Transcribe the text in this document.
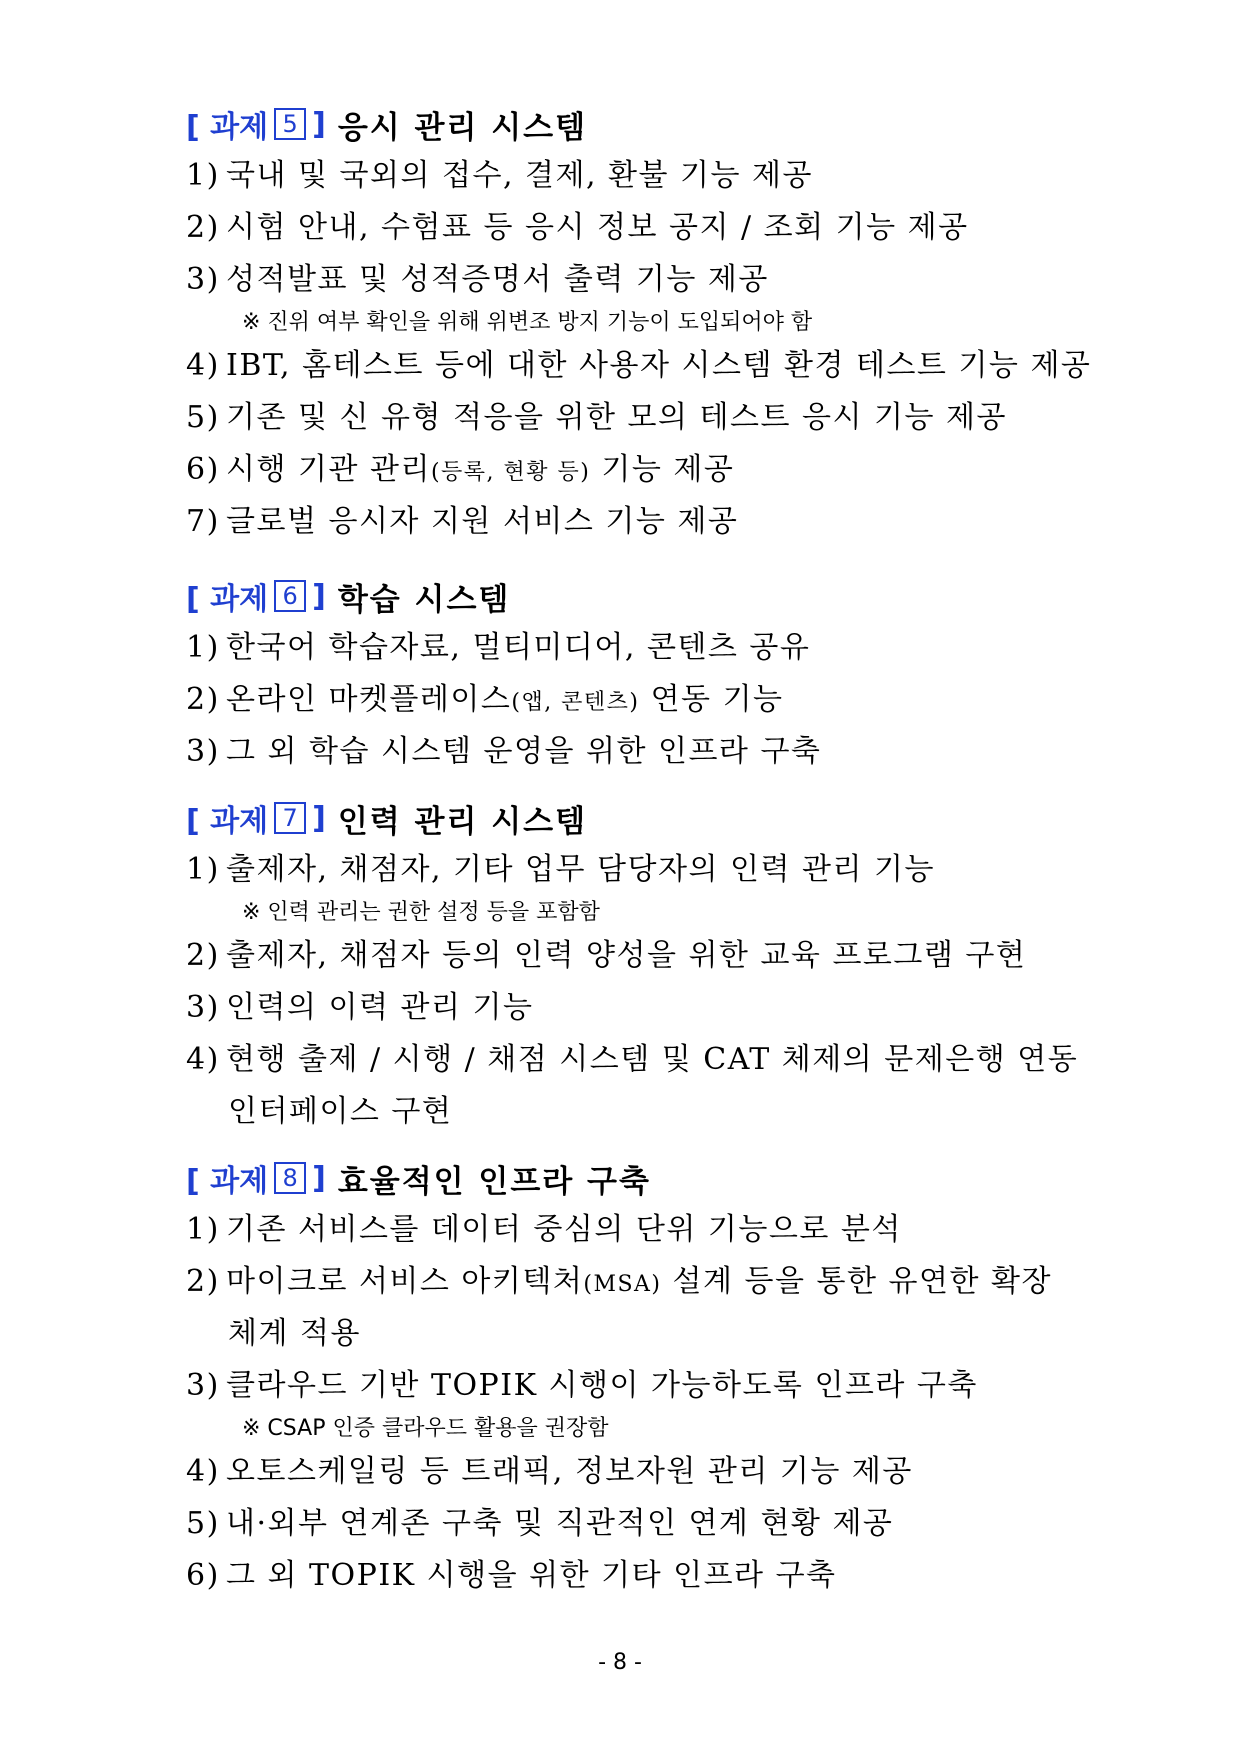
[ 과제 5 ] 응시 관리 시스템
1) 국내 및 국외의 접수, 결제, 환불 기능 제공
2) 시험 안내, 수험표 등 응시 정보 공지 / 조회 기능 제공
3) 성적발표 및 성적증명서 출력 기능 제공
※ 진위 여부 확인을 위해 위변조 방지 기능이 도입되어야 함
4) IBT, 홈테스트 등에 대한 사용자 시스템 환경 테스트 기능 제공
5) 기존 및 신 유형 적응을 위한 모의 테스트 응시 기능 제공
6) 시행 기관 관리(등록, 현황 등) 기능 제공
7) 글로벌 응시자 지원 서비스 기능 제공
[ 과제 6 ] 학습 시스템
1) 한국어 학습자료, 멀티미디어, 콘텐츠 공유
2) 온라인 마켓플레이스(앱, 콘텐츠) 연동 기능
3) 그 외 학습 시스템 운영을 위한 인프라 구축
[ 과제 7 ] 인력 관리 시스템
1) 출제자, 채점자, 기타 업무 담당자의 인력 관리 기능
※ 인력 관리는 권한 설정 등을 포함함
2) 출제자, 채점자 등의 인력 양성을 위한 교육 프로그램 구현
3) 인력의 이력 관리 기능
4) 현행 출제 / 시행 / 채점 시스템 및 CAT 체제의 문제은행 연동
인터페이스 구현
[ 과제 8 ] 효율적인 인프라 구축
1) 기존 서비스를 데이터 중심의 단위 기능으로 분석
2) 마이크로 서비스 아키텍처(MSA) 설계 등을 통한 유연한 확장
체계 적용
3) 클라우드 기반 TOPIK 시행이 가능하도록 인프라 구축
※ CSAP 인증 클라우드 활용을 권장함
4) 오토스케일링 등 트래픽, 정보자원 관리 기능 제공
5) 내·외부 연계존 구축 및 직관적인 연계 현황 제공
6) 그 외 TOPIK 시행을 위한 기타 인프라 구축
- 8 -
